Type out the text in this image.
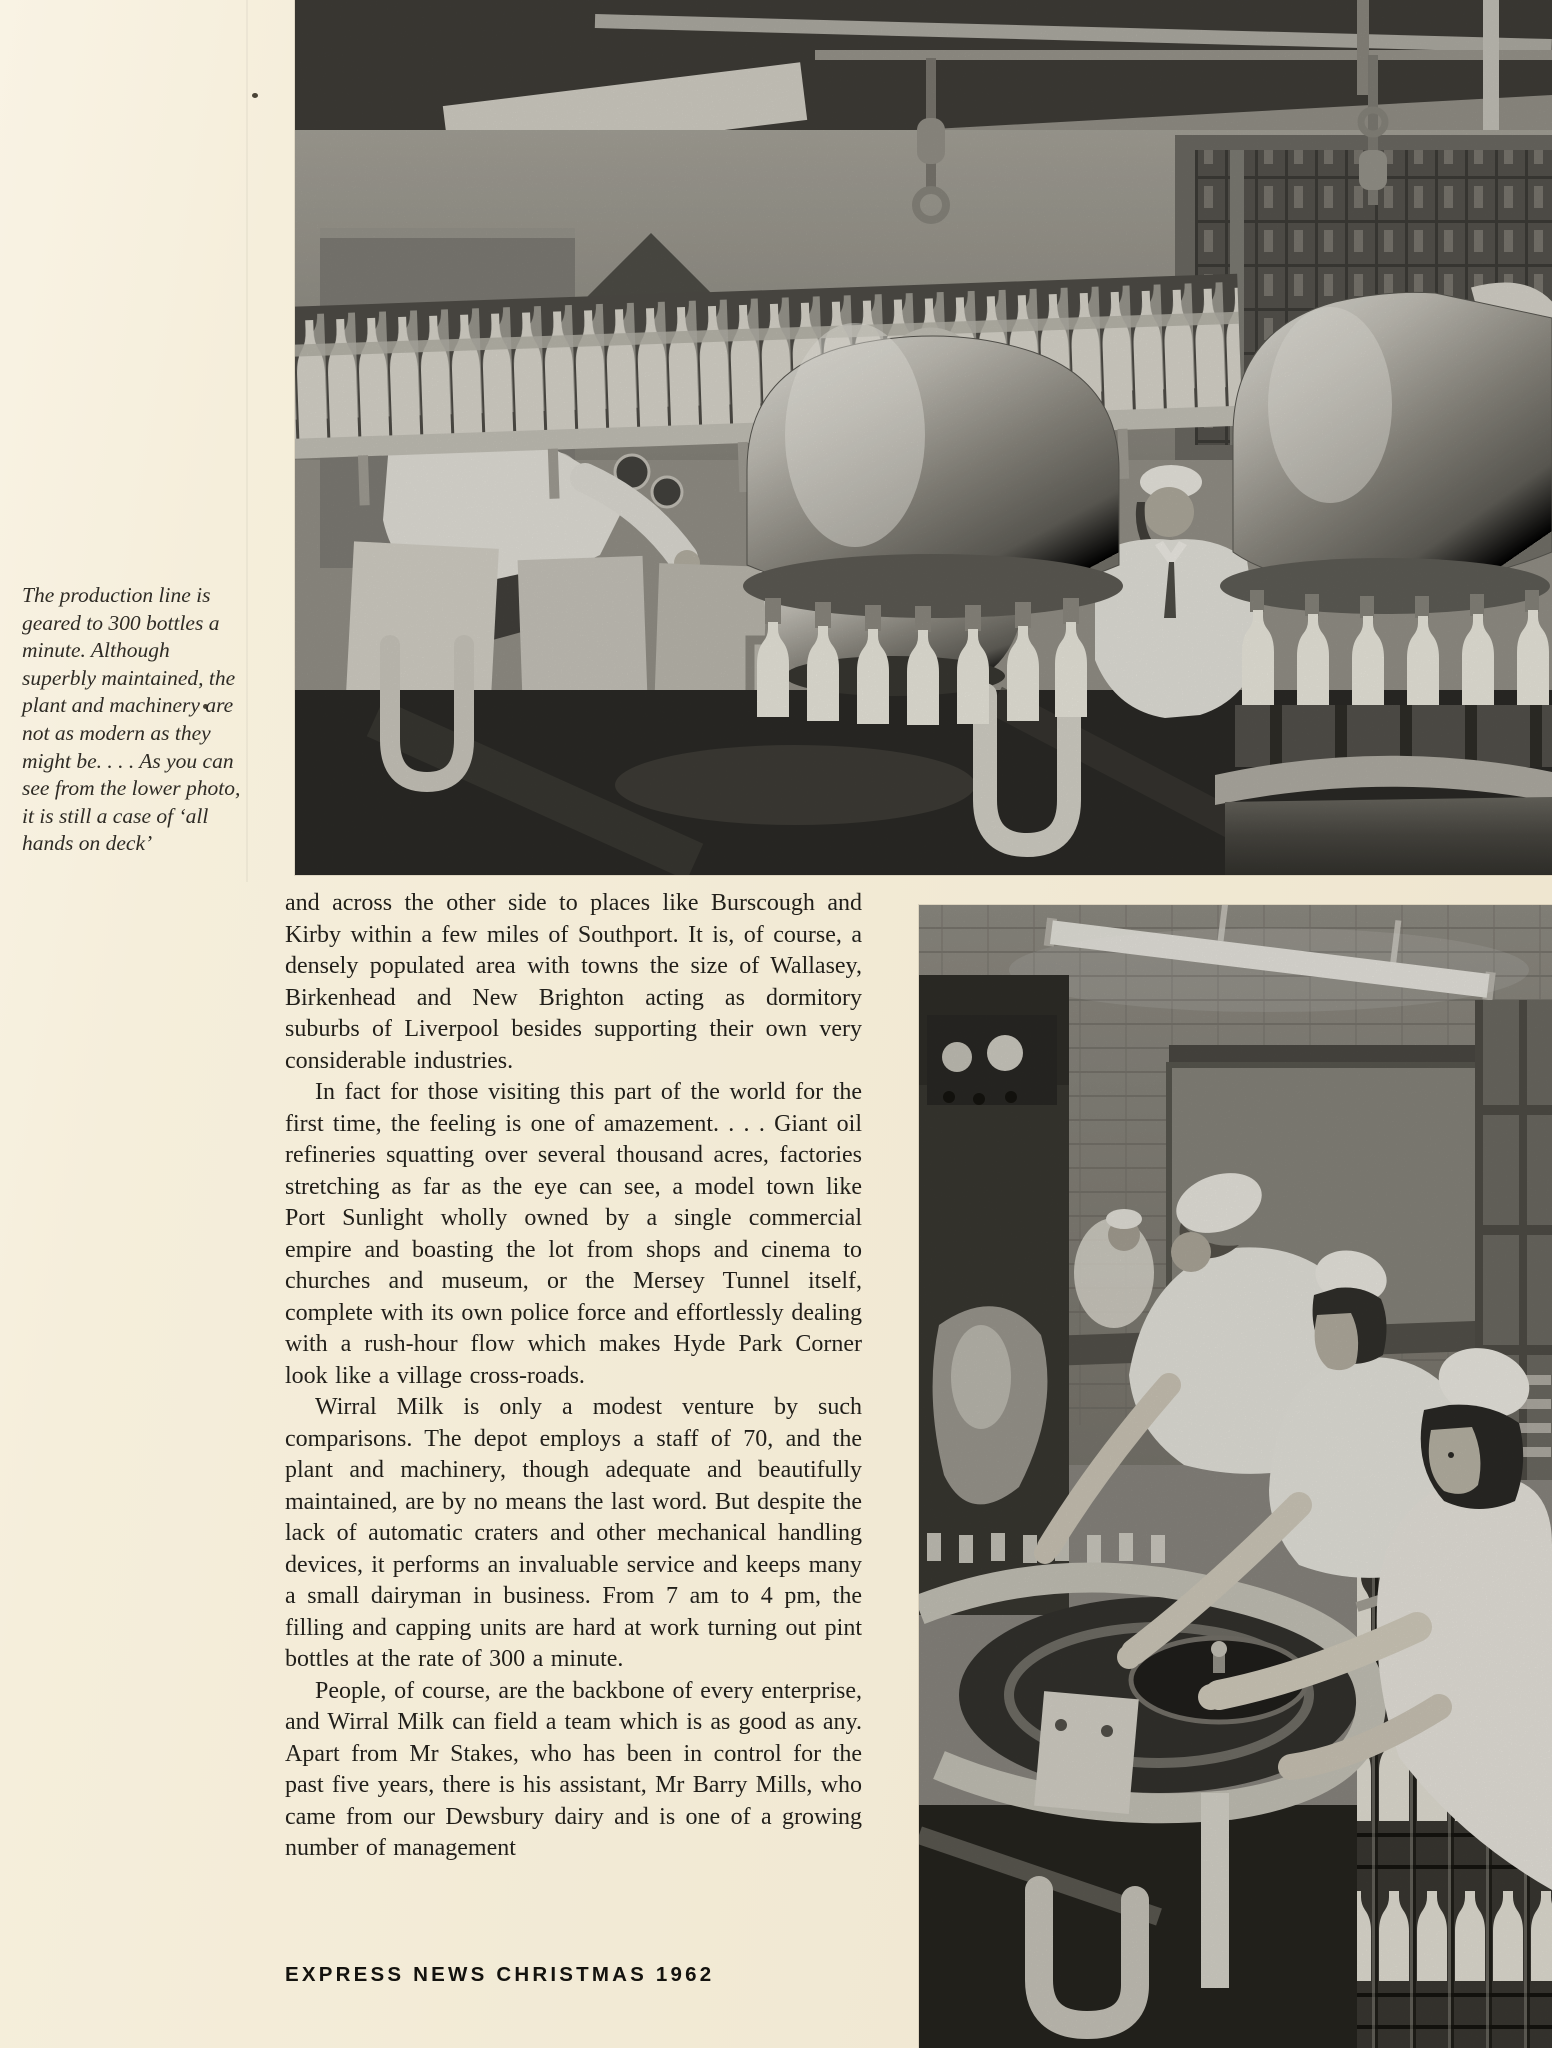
The production line is geared to 300 bottles a minute. Although superbly maintained, the plant and machinery are not as modern as they might be. . . . As you can see from the lower photo, it is still a case of ‘all hands on deck’

and across the other side to places like Burscough and Kirby within a few miles of Southport. It is, of course, a densely populated area with towns the size of Wallasey, Birkenhead and New Brighton acting as dormitory suburbs of Liverpool besides supporting their own very considerable industries.

In fact for those visiting this part of the world for the first time, the feeling is one of amazement. . . . Giant oil refineries squatting over several thousand acres, factories stretching as far as the eye can see, a model town like Port Sunlight wholly owned by a single commercial empire and boasting the lot from shops and cinema to churches and museum, or the Mersey Tunnel itself, complete with its own police force and effortlessly dealing with a rush-hour flow which makes Hyde Park Corner look like a village cross-roads.

Wirral Milk is only a modest venture by such comparisons. The depot employs a staff of 70, and the plant and machinery, though adequate and beautifully maintained, are by no means the last word. But despite the lack of automatic craters and other mechanical handling devices, it performs an invaluable service and keeps many a small dairyman in business. From 7 am to 4 pm, the filling and capping units are hard at work turning out pint bottles at the rate of 300 a minute.

People, of course, are the backbone of every enterprise, and Wirral Milk can field a team which is as good as any. Apart from Mr Stakes, who has been in control for the past five years, there is his assistant, Mr Barry Mills, who came from our Dewsbury dairy and is one of a growing number of management

EXPRESS NEWS CHRISTMAS 1962
